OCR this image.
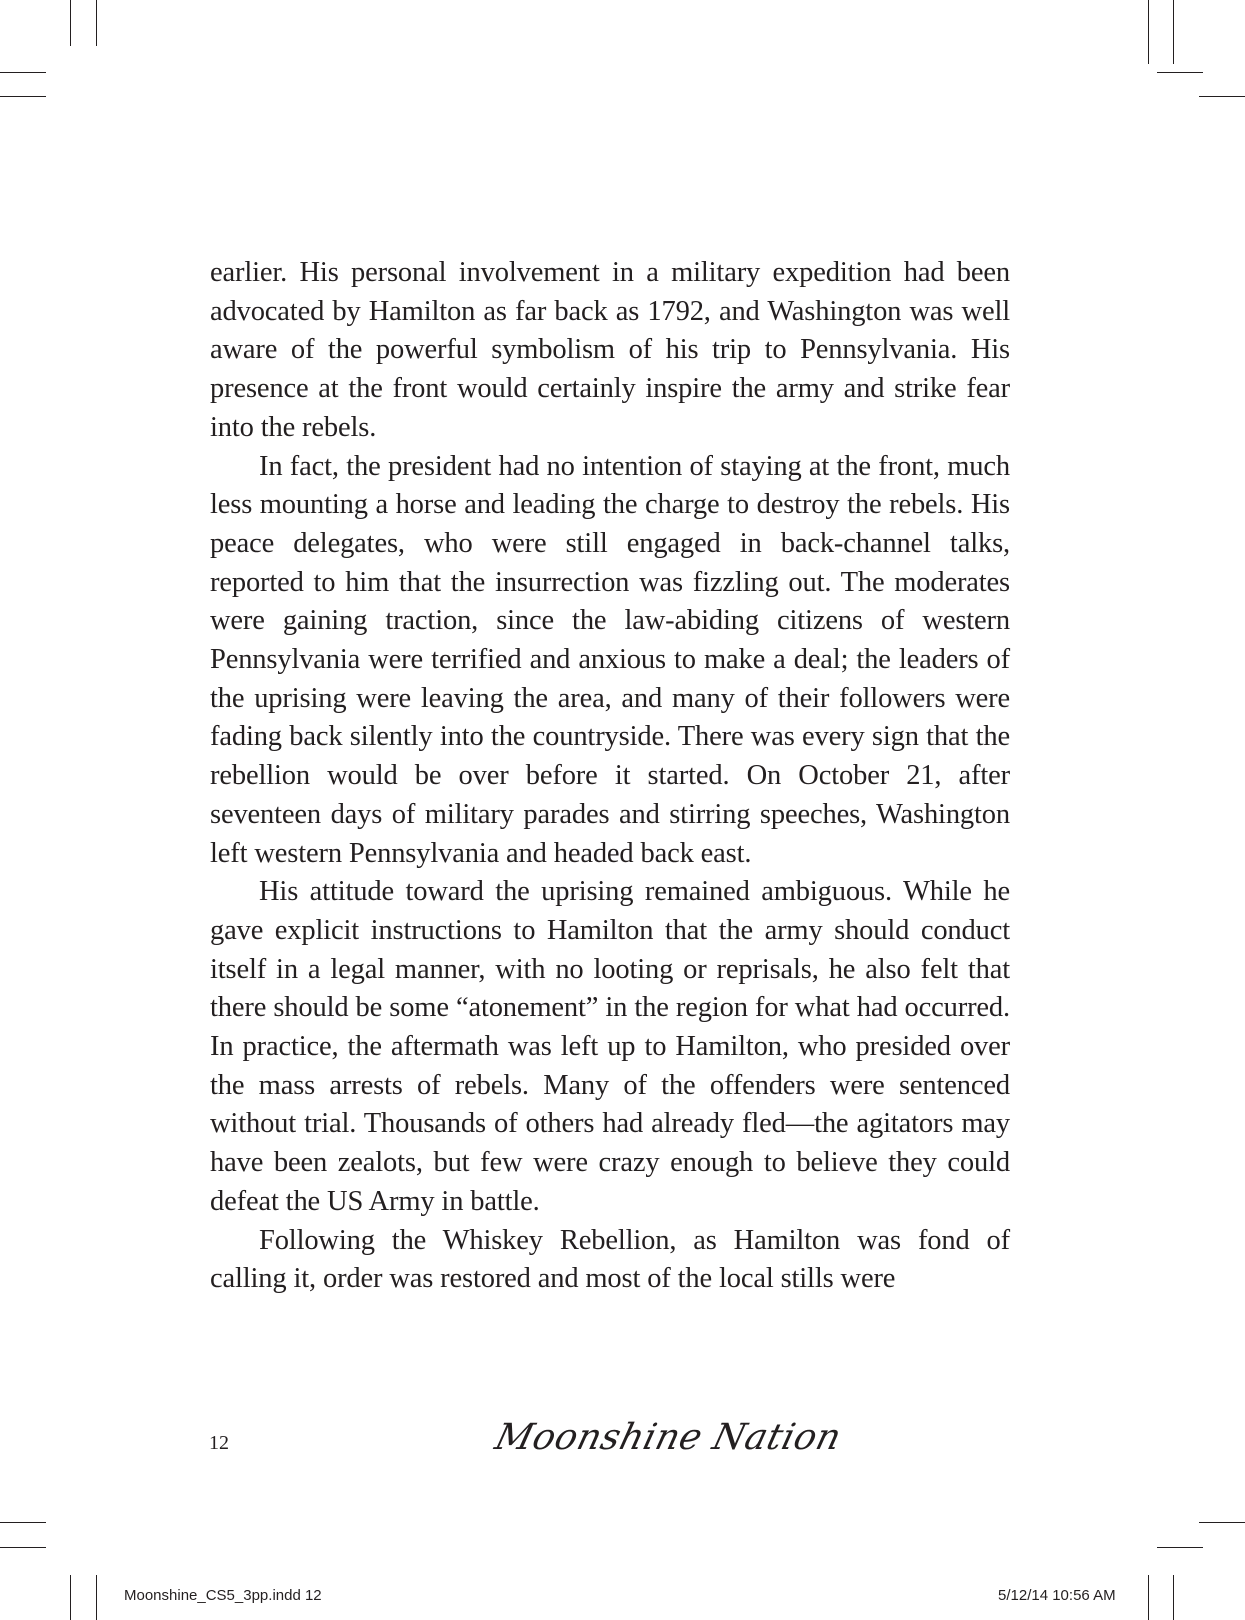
earlier. His personal involvement in a military expedition had been advocated by Hamilton as far back as 1792, and Washington was well aware of the powerful symbolism of his trip to Pennsylvania. His presence at the front would certainly inspire the army and strike fear into the rebels.

In fact, the president had no intention of staying at the front, much less mounting a horse and leading the charge to destroy the rebels. His peace delegates, who were still engaged in back-channel talks, reported to him that the insurrection was fizzling out. The moderates were gaining traction, since the law-abiding citizens of western Pennsylvania were terrified and anxious to make a deal; the leaders of the uprising were leaving the area, and many of their followers were fading back silently into the countryside. There was every sign that the rebellion would be over before it started. On October 21, after seventeen days of military parades and stirring speeches, Washington left western Pennsylvania and headed back east.

His attitude toward the uprising remained ambiguous. While he gave explicit instructions to Hamilton that the army should conduct itself in a legal manner, with no looting or reprisals, he also felt that there should be some “atonement” in the region for what had occurred. In practice, the aftermath was left up to Hamilton, who presided over the mass arrests of rebels. Many of the offenders were sentenced without trial. Thousands of others had already fled—the agitators may have been zealots, but few were crazy enough to believe they could defeat the US Army in battle.

Following the Whiskey Rebellion, as Hamilton was fond of calling it, order was restored and most of the local stills were

12	Moonshine Nation
Moonshine_CS5_3pp.indd 12	5/12/14 10:56 AM
